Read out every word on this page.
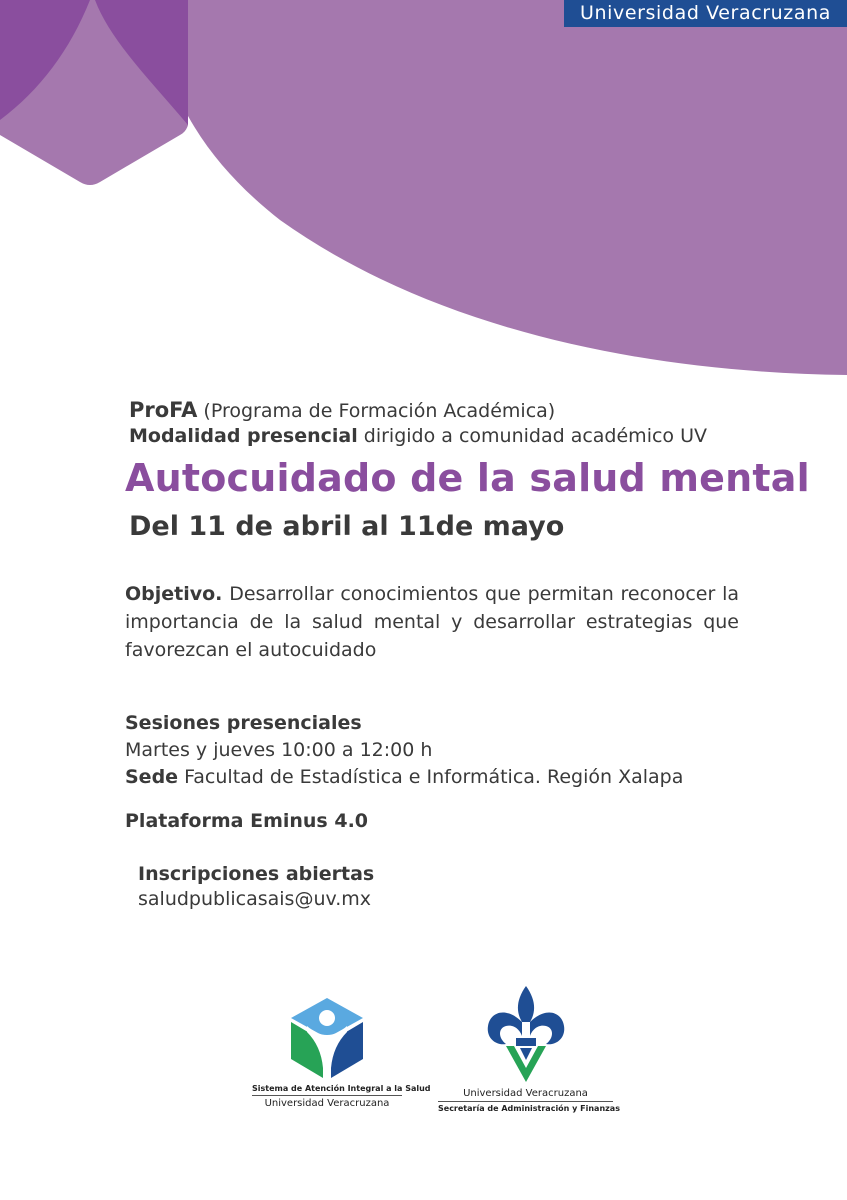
Universidad Veracruzana
ProFA (Programa de Formación Académica)
Modalidad presencial dirigido a comunidad académico UV
Autocuidado de la salud mental
Del 11 de abril al 11de mayo
Objetivo. Desarrollar conocimientos que permitan reconocer la importancia de la salud mental y desarrollar estrategias que favorezcan el autocuidado
Sesiones presenciales
Martes y jueves 10:00 a 12:00 h
Sede Facultad de Estadística e Informática. Región Xalapa
Plataforma Eminus 4.0
Inscripciones abiertas
saludpublicasais@uv.mx
Sistema de Atención Integral a la Salud
Universidad Veracruzana
Universidad Veracruzana
Secretaría de Administración y Finanzas
